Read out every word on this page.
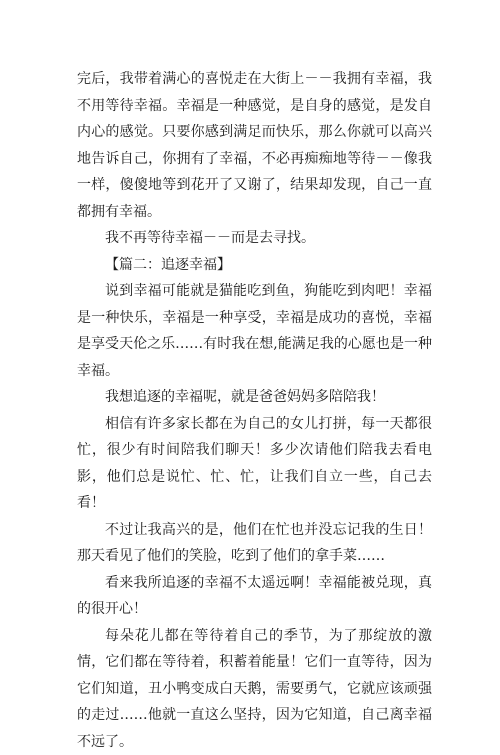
完后，我带着满心的喜悦走在大街上－－我拥有幸福，我不用等待幸福。幸福是一种感觉，是自身的感觉，是发自内心的感觉。只要你感到满足而快乐，那么你就可以高兴地告诉自己，你拥有了幸福，不必再痴痴地等待－－像我一样，傻傻地等到花开了又谢了，结果却发现，自己一直都拥有幸福。

我不再等待幸福－－而是去寻找。

【篇二：追逐幸福】

说到幸福可能就是猫能吃到鱼，狗能吃到肉吧！幸福是一种快乐，幸福是一种享受，幸福是成功的喜悦，幸福是享受天伦之乐……有时我在想,能满足我的心愿也是一种幸福。

我想追逐的幸福呢，就是爸爸妈妈多陪陪我！

相信有许多家长都在为自己的女儿打拼，每一天都很忙，很少有时间陪我们聊天！多少次请他们陪我去看电影，他们总是说忙、忙、忙，让我们自立一些，自己去看！

不过让我高兴的是，他们在忙也并没忘记我的生日！那天看见了他们的笑脸，吃到了他们的拿手菜……

看来我所追逐的幸福不太遥远啊！幸福能被兑现，真的很开心！

每朵花儿都在等待着自己的季节，为了那绽放的激情，它们都在等待着，积蓄着能量！它们一直等待，因为它们知道，丑小鸭变成白天鹅，需要勇气，它就应该顽强的走过……他就一直这么坚持，因为它知道，自己离幸福不远了。
